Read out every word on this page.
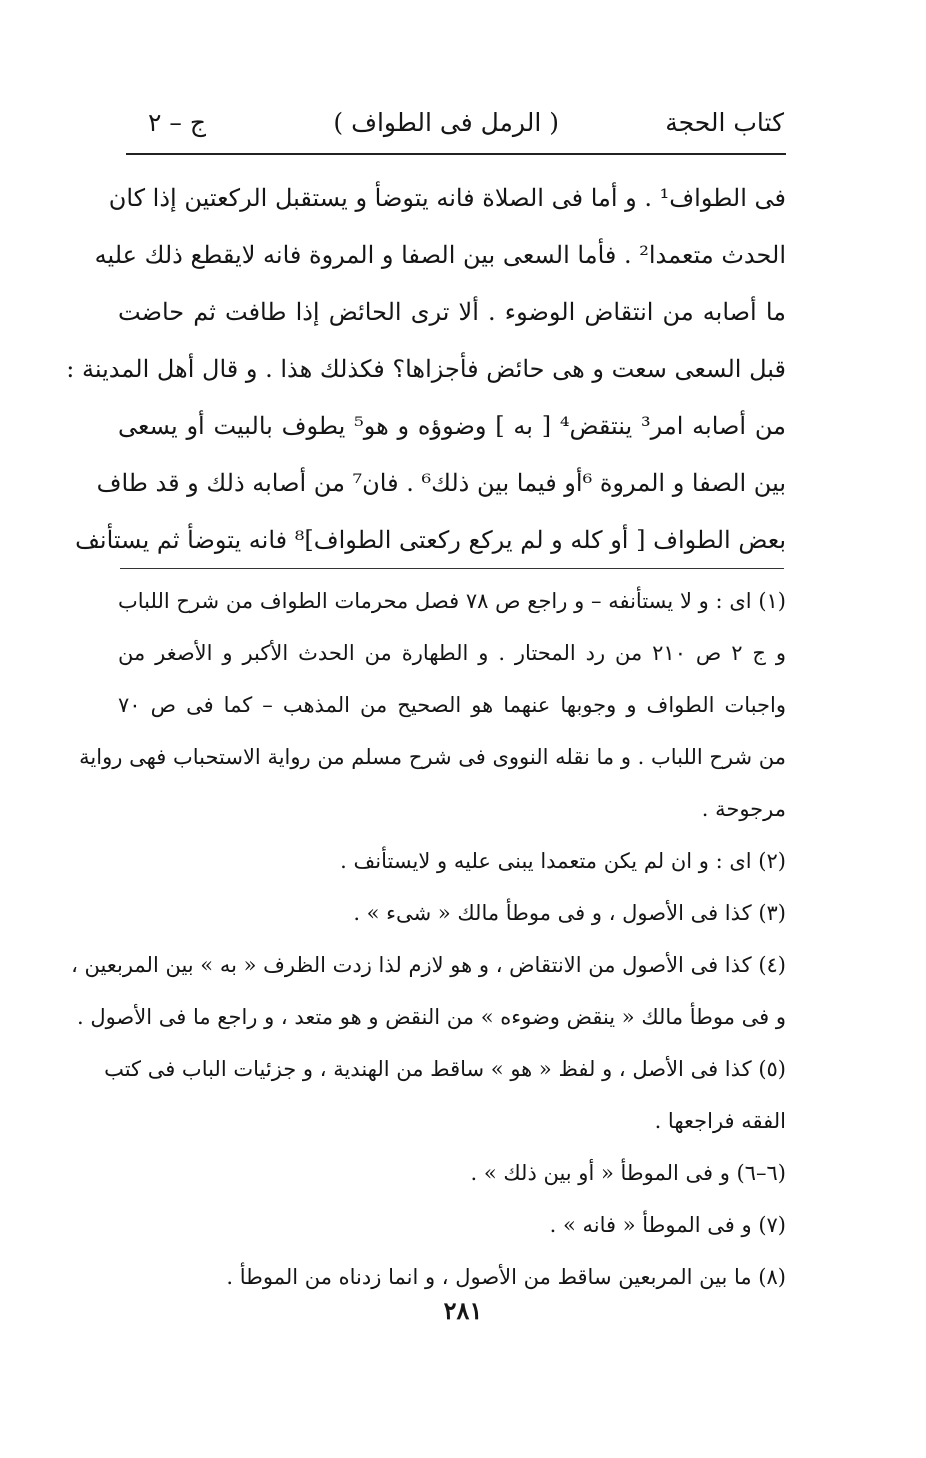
كتاب الحجة
( الرمل فى الطواف )
ج – ٢
فى الطواف¹ . و أما فى الصلاة فانه يتوضأ و يستقبل الركعتين إذا كان
الحدث متعمدا² . فأما السعى بين الصفا و المروة فانه لايقطع ذلك عليه
ما أصابه من انتقاض الوضوء . ألا ترى الحائض إذا طافت ثم حاضت
قبل السعى سعت و هى حائض فأجزاها؟ فكذلك هذا . و قال أهل المدينة :
من أصابه امر³ ينتقض⁴ [ به ] وضوؤه و هو⁵ يطوف بالبيت أو يسعى
بين الصفا و المروة ⁶أو فيما بين ذلك⁶ . فان⁷ من أصابه ذلك و قد طاف
بعض الطواف [ أو كله و لم يركع ركعتى الطواف]⁸ فانه يتوضأ ثم يستأنف
(١) اى : و لا يستأنفه – و راجع ص ٧٨ فصل محرمات الطواف من شرح اللباب
و ج ٢ ص ٢١٠ من رد المحتار . و الطهارة من الحدث الأكبر و الأصغر من
واجبات الطواف و وجوبها عنهما هو الصحيح من المذهب – كما فى ص ٧٠
من شرح اللباب . و ما نقله النووى فى شرح مسلم من رواية الاستحباب فهى رواية
مرجوحة .
(٢) اى : و ان لم يكن متعمدا يبنى عليه و لايستأنف .
(٣) كذا فى الأصول ، و فى موطأ مالك « شىء » .
(٤) كذا فى الأصول من الانتقاض ، و هو لازم لذا زدت الظرف « به » بين المربعين ،
و فى موطأ مالك « ينقض وضوءه » من النقض و هو متعد ، و راجع ما فى الأصول .
(٥) كذا فى الأصل ، و لفظ « هو » ساقط من الهندية ، و جزئيات الباب فى كتب
الفقه فراجعها .
(٦–٦) و فى الموطأ « أو بين ذلك » .
(٧) و فى الموطأ « فانه » .
(٨) ما بين المربعين ساقط من الأصول ، و انما زدناه من الموطأ .
٢٨١
